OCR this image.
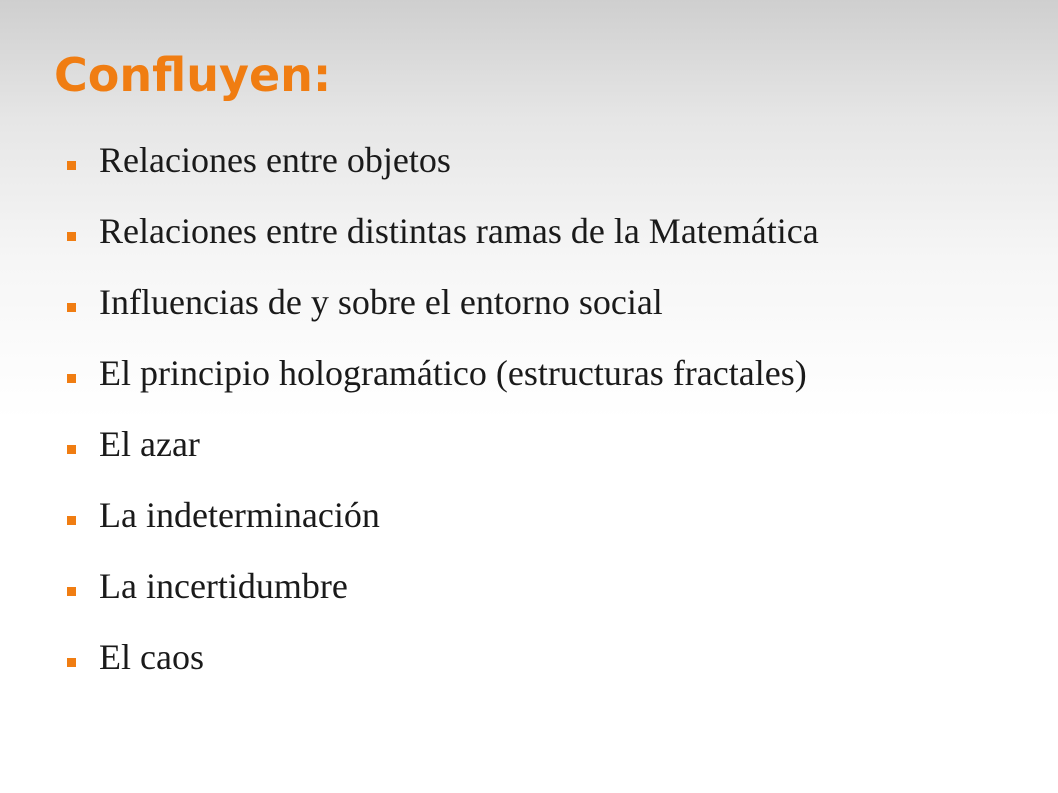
Confluyen:
Relaciones entre objetos
Relaciones entre distintas ramas de la Matemática
Influencias de y sobre el entorno social
El principio hologramático (estructuras fractales)
El azar
La indeterminación
La incertidumbre
El caos
